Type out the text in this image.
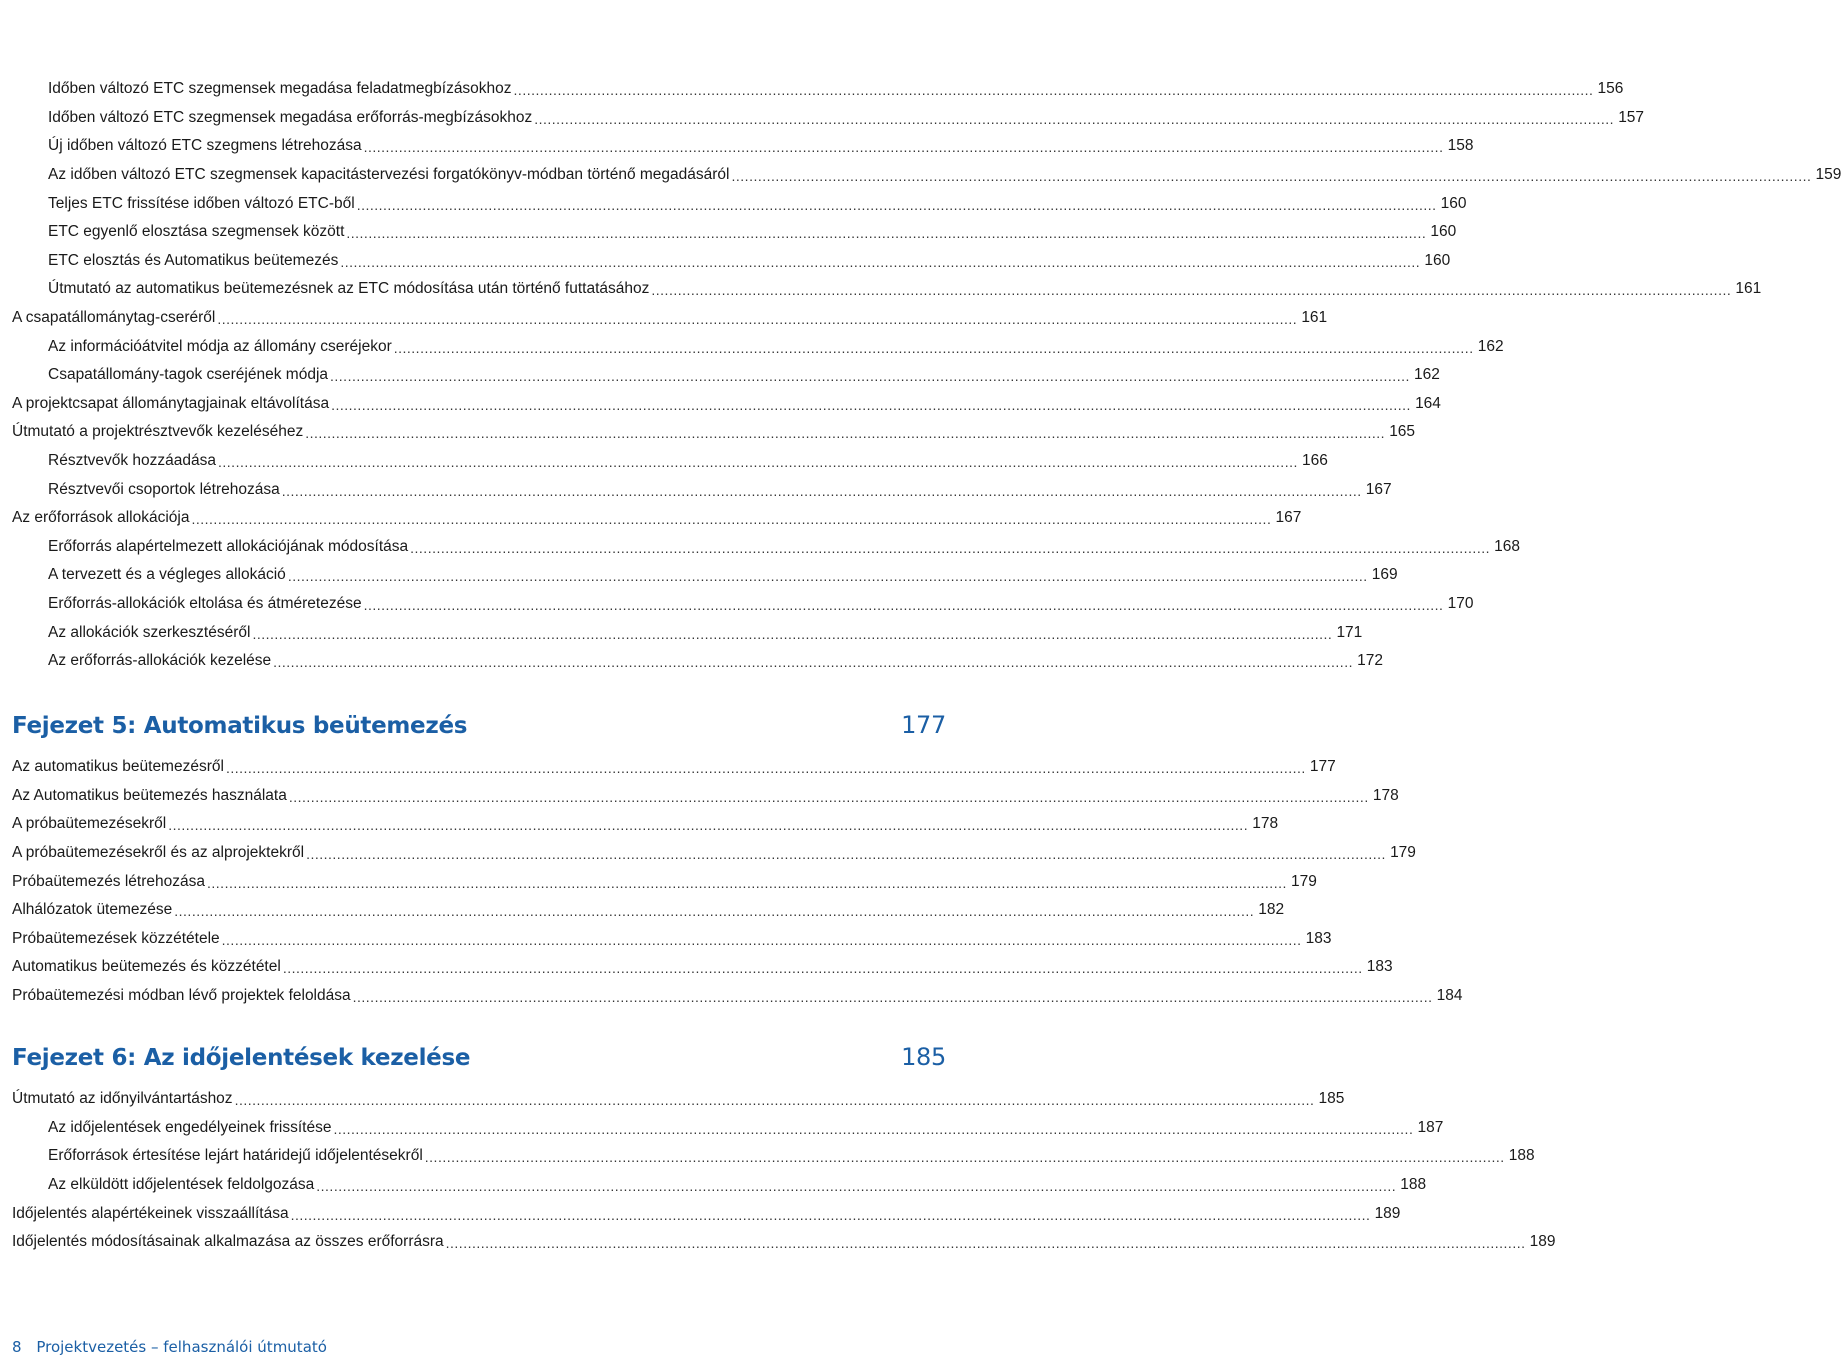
Időben változó ETC szegmensek megadása feladatmegbízásokhoz .....	156
Időben változó ETC szegmensek megadása erőforrás-megbízásokhoz .....	157
Új időben változó ETC szegmens létrehozása .....	158
Az időben változó ETC szegmensek kapacitástervezési forgatókönyv-módban történő megadásáról .....	159
Teljes ETC frissítése időben változó ETC-ből .....	160
ETC egyenlő elosztása szegmensek között .....	160
ETC elosztás és Automatikus beütemezés .....	160
Útmutató az automatikus beütemezésnek az ETC módosítása után történő futtatásához .....	161
A csapatállománytag-cseréről .....	161
Az információátvitel módja az állomány cseréjekor .....	162
Csapatállomány-tagok cseréjének módja .....	162
A projektcsapat állománytagjainak eltávolítása .....	164
Útmutató a projektrésztvevők kezeléséhez .....	165
Résztvevők hozzáadása .....	166
Résztvevői csoportok létrehozása .....	167
Az erőforrások allokációja .....	167
Erőforrás alapértelmezett allokációjának módosítása .....	168
A tervezett és a végleges allokáció .....	169
Erőforrás-allokációk eltolása és átméretezése .....	170
Az allokációk szerkesztéséről .....	171
Az erőforrás-allokációk kezelése .....	172
Fejezet 5: Automatikus beütemezés	177
Az automatikus beütemezésről .....	177
Az Automatikus beütemezés használata .....	178
A próbaütemezésekről .....	178
A próbaütemezésekről és az alprojektekről .....	179
Próbaütemezés létrehozása .....	179
Alhálózatok ütemezése .....	182
Próbaütemezések közzététele .....	183
Automatikus beütemezés és közzététel .....	183
Próbaütemezési módban lévő projektek feloldása .....	184
Fejezet 6: Az időjelentések kezelése	185
Útmutató az időnyilvántartáshoz .....	185
Az időjelentések engedélyeinek frissítése .....	187
Erőforrások értesítése lejárt határidejű időjelentésekről .....	188
Az elküldött időjelentések feldolgozása .....	188
Időjelentés alapértékeinek visszaállítása .....	189
Időjelentés módosításainak alkalmazása az összes erőforrásra .....	189
8 Projektvezetés – felhasználói útmutató
